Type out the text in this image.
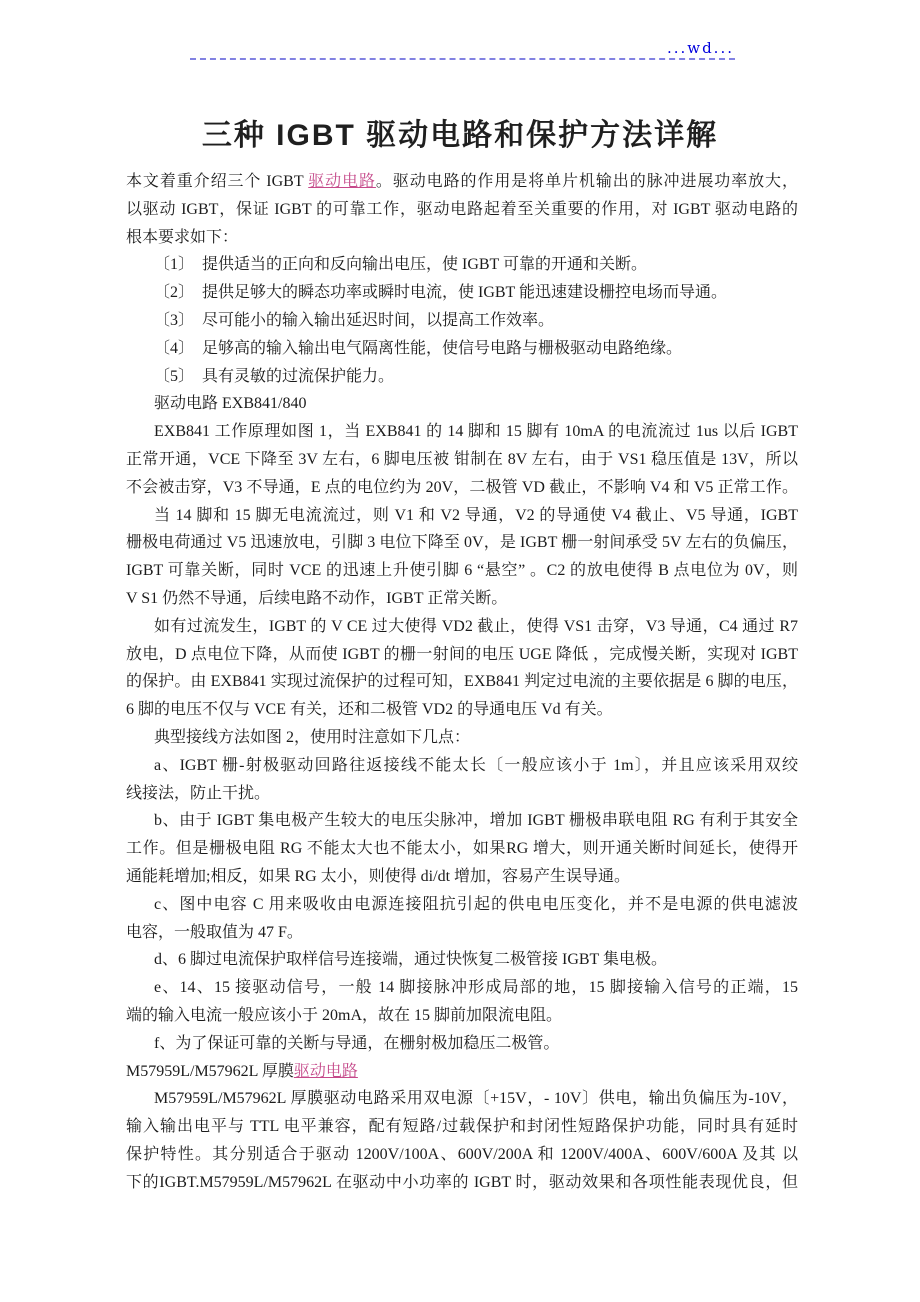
...wd...
三种 IGBT 驱动电路和保护方法详解
本文着重介绍三个 IGBT 驱动电路。驱动电路的作用是将单片机输出的脉冲进展功率放大，
以驱动 IGBT，保证 IGBT 的可靠工作，驱动电路起着至关重要的作用，对 IGBT 驱动电路的
根本要求如下：
〔1〕　提供适当的正向和反向输出电压，使 IGBT 可靠的开通和关断。
〔2〕　提供足够大的瞬态功率或瞬时电流，使 IGBT 能迅速建设栅控电场而导通。
〔3〕　尽可能小的输入输出延迟时间，以提高工作效率。
〔4〕　足够高的输入输出电气隔离性能，使信号电路与栅极驱动电路绝缘。
〔5〕　具有灵敏的过流保护能力。
驱动电路 EXB841/840
EXB841 工作原理如图 1，当 EXB841 的 14 脚和 15 脚有 10mA 的电流流过 1us 以后 IGBT
正常开通，VCE 下降至 3V 左右，6 脚电压被 钳制在 8V 左右，由于 VS1 稳压值是 13V，所以
不会被击穿，V3 不导通，E 点的电位约为 20V，二极管 VD 截止，不影响 V4 和 V5 正常工作。
当 14 脚和 15 脚无电流流过，则 V1 和 V2 导通，V2 的导通使 V4 截止、V5 导通，IGBT
栅极电荷通过 V5 迅速放电，引脚 3 电位下降至 0V，是 IGBT 栅一射间承受 5V 左右的负偏压，
IGBT 可靠关断，同时 VCE 的迅速上升使引脚 6 “悬空” 。C2 的放电使得 B 点电位为 0V，则
V S1 仍然不导通，后续电路不动作，IGBT 正常关断。
如有过流发生，IGBT 的 V CE 过大使得 VD2 截止，使得 VS1 击穿，V3 导通，C4 通过 R7
放电，D 点电位下降，从而使 IGBT 的栅一射间的电压 UGE 降低 ，完成慢关断，实现对 IGBT
的保护。由 EXB841 实现过流保护的过程可知，EXB841 判定过电流的主要依据是 6 脚的电压，
6 脚的电压不仅与 VCE 有关，还和二极管 VD2 的导通电压 Vd 有关。
典型接线方法如图 2，使用时注意如下几点：
a、IGBT 栅-射极驱动回路往返接线不能太长〔一般应该小于 1m〕，并且应该采用双绞
线接法，防止干扰。
b、由于 IGBT 集电极产生较大的电压尖脉冲，增加 IGBT 栅极串联电阻 RG 有利于其安全
工作。但是栅极电阻 RG 不能太大也不能太小，如果RG 增大，则开通关断时间延长，使得开
通能耗增加;相反，如果 RG 太小，则使得 di/dt 增加，容易产生误导通。
c、图中电容 C 用来吸收由电源连接阻抗引起的供电电压变化，并不是电源的供电滤波
电容，一般取值为 47 F。
d、6 脚过电流保护取样信号连接端，通过快恢复二极管接 IGBT 集电极。
e、14、15 接驱动信号，一般 14 脚接脉冲形成局部的地，15 脚接输入信号的正端，15
端的输入电流一般应该小于 20mA，故在 15 脚前加限流电阻。
f、为了保证可靠的关断与导通，在栅射极加稳压二极管。
M57959L/M57962L 厚膜驱动电路
M57959L/M57962L 厚膜驱动电路采用双电源〔+15V，- 10V〕供电，输出负偏压为-10V，
输入输出电平与 TTL 电平兼容，配有短路/过载保护和封闭性短路保护功能，同时具有延时
保护特性。其分别适合于驱动 1200V/100A、600V/200A 和 1200V/400A、600V/600A 及其 以
下的IGBT.M57959L/M57962L 在驱动中小功率的 IGBT 时，驱动效果和各项性能表现优良，但
